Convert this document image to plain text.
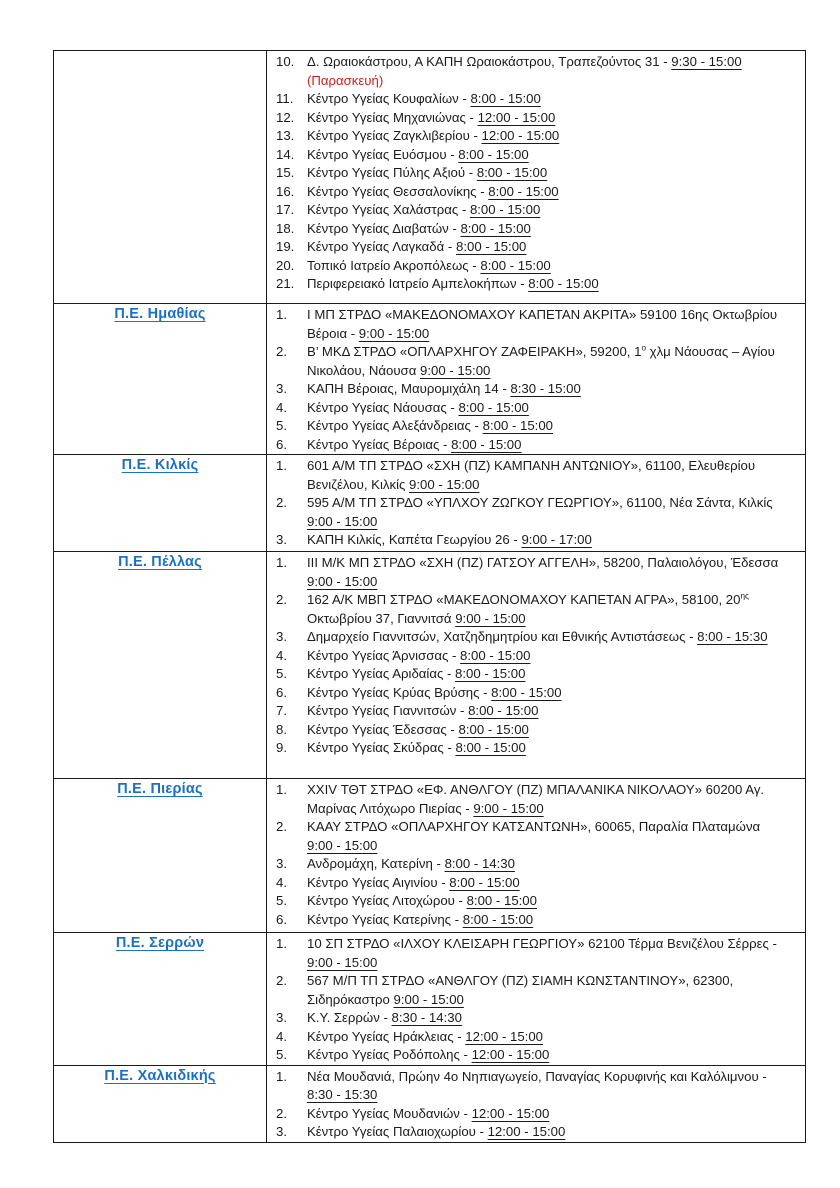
10. Δ. Ωραιοκάστρου, Α ΚΑΠΗ Ωραιοκάστρου, Τραπεζούντος 31 - 9:30 - 15:00 (Παρασκευή)
11.	Κέντρο Υγείας Κουφαλίων - 8:00 - 15:00
12. Κέντρο Υγείας Μηχανιώνας - 12:00 - 15:00
13. Κέντρο Υγείας Ζαγκλιβερίου - 12:00 - 15:00
14. Κέντρο Υγείας Ευόσμου - 8:00 - 15:00
15. Κέντρο Υγείας Πύλης Αξιού - 8:00 - 15:00
16. Κέντρο Υγείας Θεσσαλονίκης - 8:00 - 15:00
17. Κέντρο Υγείας Χαλάστρας - 8:00 - 15:00
18. Κέντρο Υγείας Διαβατών - 8:00 - 15:00
19. Κέντρο Υγείας Λαγκαδά - 8:00 - 15:00
20. Τοπικό Ιατρείο Ακροπόλεως - 8:00 - 15:00
21. Περιφερειακό Ιατρείο Αμπελοκήπων - 8:00 - 15:00

Π.Ε. Ημαθίας	1.	Ι ΜΠ ΣΤΡΔΟ «ΜΑΚΕΔΟΝΟΜΑΧΟΥ ΚΑΠΕΤΑΝ ΑΚΡΙΤΑ» 59100 16ης Οκτωβρίου Βέροια - 9:00 - 15:00
2.	Β’ ΜΚΔ ΣΤΡΔΟ «ΟΠΛΑΡΧΗΓΟΥ ΖΑΦΕΙΡΑΚΗ», 59200, $1^o$ χλμ Νάουσας – Αγίου Νικολάου, Νάουσα 9:00 - 15:00
3.	ΚΑΠΗ Βέροιας, Μαυρομιχάλη 14 - 8:30 - 15:00
4.	Κέντρο Υγείας Νάουσας - 8:00 - 15:00
5.	Κέντρο Υγείας Αλεξάνδρειας - 8:00 - 15:00
6.	Κέντρο Υγείας Βέροιας - 8:00 - 15:00

Π.Ε. Κιλκίς	1.	601 Α/Μ ΤΠ ΣΤΡΔΟ «ΣΧΗ (ΠΖ) ΚΑΜΠΑΝΗ ΑΝΤΩΝΙΟΥ», 61100, Ελευθερίου Βενιζέλου, Κιλκίς 9:00 - 15:00
2.	595 Α/Μ ΤΠ ΣΤΡΔΟ «ΥΠΛΧΟΥ ΖΩΓΚΟΥ ΓΕΩΡΓΙΟΥ», 61100, Νέα Σάντα, Κιλκίς 9:00 - 15:00
3.	ΚΑΠΗ Κιλκίς, Καπέτα Γεωργίου 26 - 9:00 - 17:00

Π.Ε. Πέλλας	1.	ΙΙΙ Μ/Κ ΜΠ ΣΤΡΔΟ «ΣΧΗ (ΠΖ) ΓΑΤΣΟΥ ΑΓΓΕΛΗ», 58200, Παλαιολόγου, Έδεσσα 9:00 - 15:00
2.	162 Α/Κ ΜΒΠ ΣΤΡΔΟ «ΜΑΚΕΔΟΝΟΜΑΧΟΥ ΚΑΠΕΤΑΝ ΑΓΡΑ», 58100, $20^{\eta\varsigma}$ Οκτωβρίου 37, Γιαννιτσά 9:00 - 15:00
3.	Δημαρχείο Γιαννιτσών, Χατζηδημητρίου και Εθνικής Αντιστάσεως - 8:00 - 15:30
4.	Κέντρο Υγείας Άρνισσας - 8:00 - 15:00
5.	Κέντρο Υγείας Αριδαίας - 8:00 - 15:00
6.	Κέντρο Υγείας Κρύας Βρύσης - 8:00 - 15:00
7.	Κέντρο Υγείας Γιαννιτσών - 8:00 - 15:00
8.	Κέντρο Υγείας Έδεσσας - 8:00 - 15:00
9.	Κέντρο Υγείας Σκύδρας - 8:00 - 15:00

Π.Ε. Πιερίας	1.	XXIV ΤΘΤ ΣΤΡΔΟ «ΕΦ. ΑΝΘΛΓΟΥ (ΠΖ) ΜΠΑΛΑΝΙΚΑ ΝΙΚΟΛΑΟΥ» 60200 Αγ. Μαρίνας Λιτόχωρο Πιερίας - 9:00 - 15:00
2.	ΚΑΑΥ ΣΤΡΔΟ «ΟΠΛΑΡΧΗΓΟΥ ΚΑΤΣΑΝΤΩΝΗ», 60065, Παραλία Πλαταμώνα 9:00 - 15:00
3.	Ανδρομάχη, Κατερίνη - 8:00 - 14:30
4.	Κέντρο Υγείας Αιγινίου - 8:00 - 15:00
5.	Κέντρο Υγείας Λιτοχώρου - 8:00 - 15:00
6.	Κέντρο Υγείας Κατερίνης - 8:00 - 15:00

Π.Ε. Σερρών	1.	10 ΣΠ ΣΤΡΔΟ «ΙΛΧΟΥ ΚΛΕΙΣΑΡΗ ΓΕΩΡΓΙΟΥ» 62100 Τέρμα Βενιζέλου Σέρρες - 9:00 - 15:00
2.	567 Μ/Π ΤΠ ΣΤΡΔΟ «ΑΝΘΛΓΟΥ (ΠΖ) ΣΙΑΜΗ ΚΩΝΣΤΑΝΤΙΝΟΥ», 62300, Σιδηρόκαστρο 9:00 - 15:00
3.	Κ.Υ. Σερρών - 8:30 - 14:30
4.	Κέντρο Υγείας Ηράκλειας - 12:00 - 15:00
5.	Κέντρο Υγείας Ροδόπολης - 12:00 - 15:00

Π.Ε. Χαλκιδικής	1.	Νέα Μουδανιά, Πρώην 4ο Νηπιαγωγείο, Παναγίας Κορυφινής και Καλόλιμνου - 8:30 - 15:30
2.	Κέντρο Υγείας Μουδανιών - 12:00 - 15:00
3.	Κέντρο Υγείας Παλαιοχωρίου - 12:00 - 15:00
